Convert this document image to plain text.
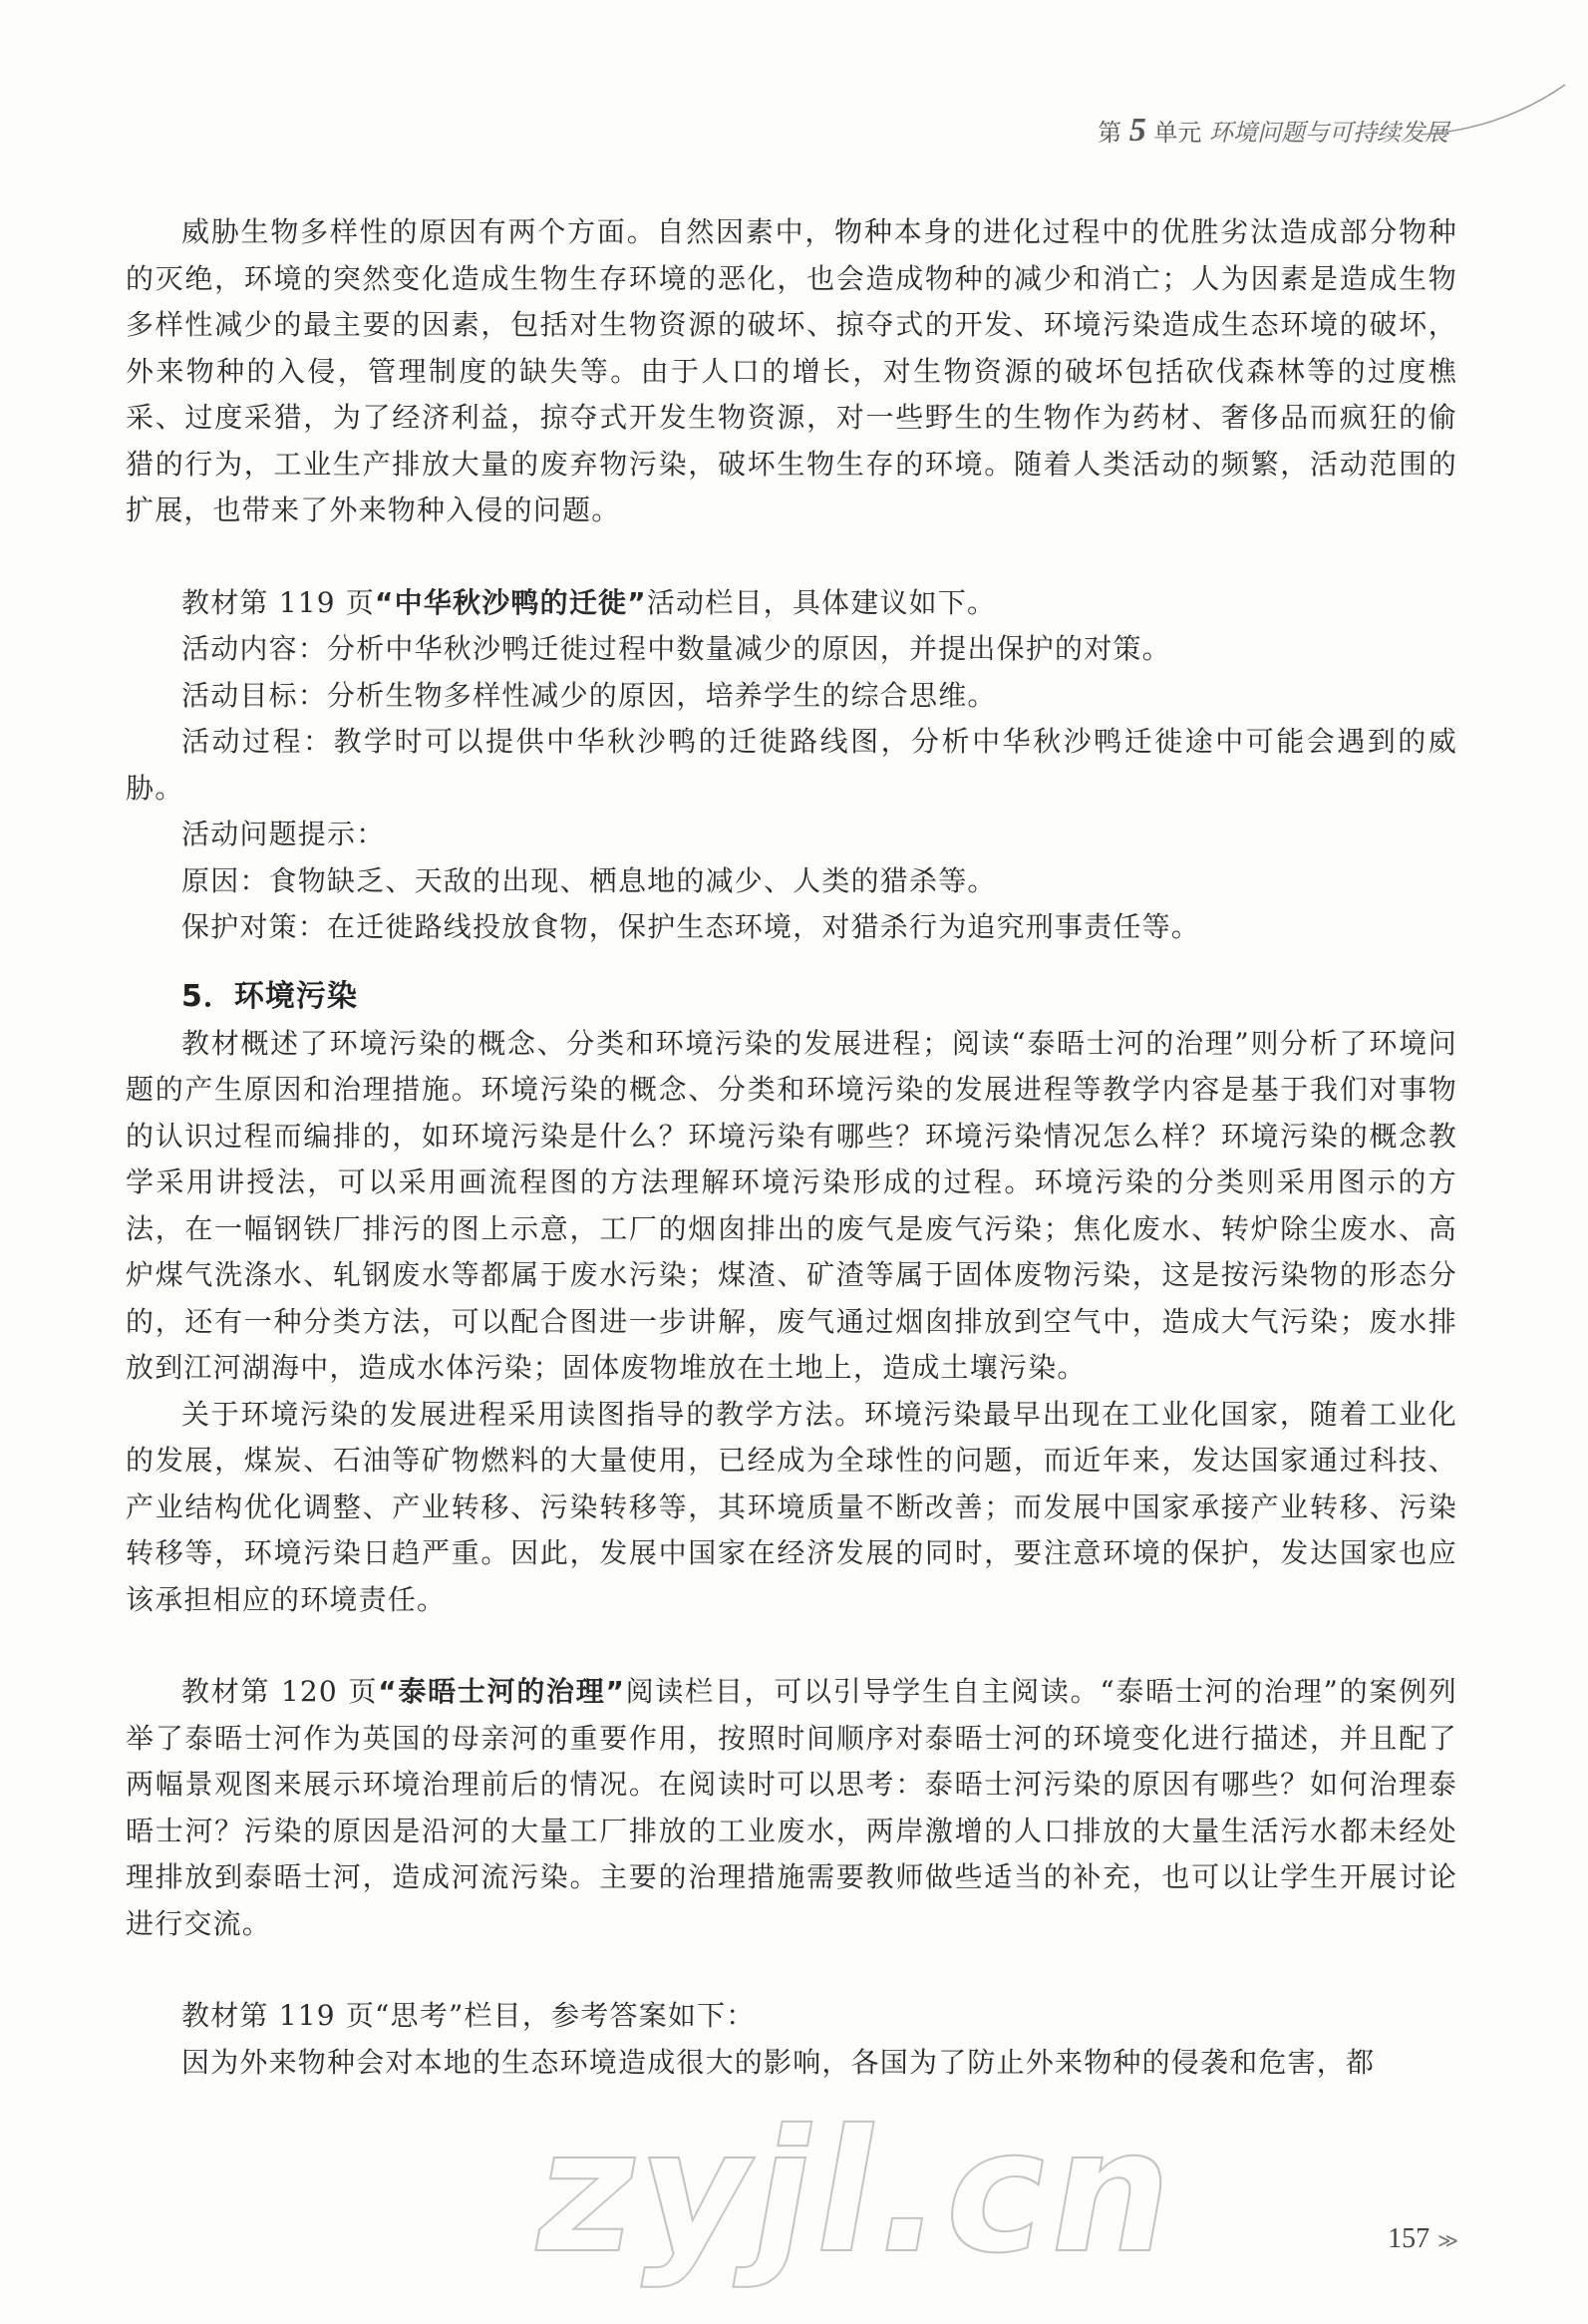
第 5 单元 环境问题与可持续发展

威胁生物多样性的原因有两个方面。自然因素中，物种本身的进化过程中的优胜劣汰造成部分物种的灭绝，环境的突然变化造成生物生存环境的恶化，也会造成物种的减少和消亡；人为因素是造成生物多样性减少的最主要的因素，包括对生物资源的破坏、掠夺式的开发、环境污染造成生态环境的破坏，外来物种的入侵，管理制度的缺失等。由于人口的增长，对生物资源的破坏包括砍伐森林等的过度樵采、过度采猎，为了经济利益，掠夺式开发生物资源，对一些野生的生物作为药材、奢侈品而疯狂的偷猎的行为，工业生产排放大量的废弃物污染，破坏生物生存的环境。随着人类活动的频繁，活动范围的扩展，也带来了外来物种入侵的问题。

教材第 119 页“中华秋沙鸭的迁徙”活动栏目，具体建议如下。

活动内容：分析中华秋沙鸭迁徙过程中数量减少的原因，并提出保护的对策。

活动目标：分析生物多样性减少的原因，培养学生的综合思维。

活动过程：教学时可以提供中华秋沙鸭的迁徙路线图，分析中华秋沙鸭迁徙途中可能会遇到的威胁。

活动问题提示：

原因：食物缺乏、天敌的出现、栖息地的减少、人类的猎杀等。

保护对策：在迁徙路线投放食物，保护生态环境，对猎杀行为追究刑事责任等。

5．环境污染

教材概述了环境污染的概念、分类和环境污染的发展进程；阅读“泰晤士河的治理”则分析了环境问题的产生原因和治理措施。环境污染的概念、分类和环境污染的发展进程等教学内容是基于我们对事物的认识过程而编排的，如环境污染是什么？环境污染有哪些？环境污染情况怎么样？环境污染的概念教学采用讲授法，可以采用画流程图的方法理解环境污染形成的过程。环境污染的分类则采用图示的方法，在一幅钢铁厂排污的图上示意，工厂的烟囱排出的废气是废气污染；焦化废水、转炉除尘废水、高炉煤气洗涤水、轧钢废水等都属于废水污染；煤渣、矿渣等属于固体废物污染，这是按污染物的形态分的，还有一种分类方法，可以配合图进一步讲解，废气通过烟囱排放到空气中，造成大气污染；废水排放到江河湖海中，造成水体污染；固体废物堆放在土地上，造成土壤污染。

关于环境污染的发展进程采用读图指导的教学方法。环境污染最早出现在工业化国家，随着工业化的发展，煤炭、石油等矿物燃料的大量使用，已经成为全球性的问题，而近年来，发达国家通过科技、产业结构优化调整、产业转移、污染转移等，其环境质量不断改善；而发展中国家承接产业转移、污染转移等，环境污染日趋严重。因此，发展中国家在经济发展的同时，要注意环境的保护，发达国家也应该承担相应的环境责任。

教材第 120 页“泰晤士河的治理”阅读栏目，可以引导学生自主阅读。“泰晤士河的治理”的案例列举了泰晤士河作为英国的母亲河的重要作用，按照时间顺序对泰晤士河的环境变化进行描述，并且配了两幅景观图来展示环境治理前后的情况。在阅读时可以思考：泰晤士河污染的原因有哪些？如何治理泰晤士河？污染的原因是沿河的大量工厂排放的工业废水，两岸激增的人口排放的大量生活污水都未经处理排放到泰晤士河，造成河流污染。主要的治理措施需要教师做些适当的补充，也可以让学生开展讨论进行交流。

教材第 119 页“思考”栏目，参考答案如下：

因为外来物种会对本地的生态环境造成很大的影响，各国为了防止外来物种的侵袭和危害，都

zyjl.cn	157 ≫
